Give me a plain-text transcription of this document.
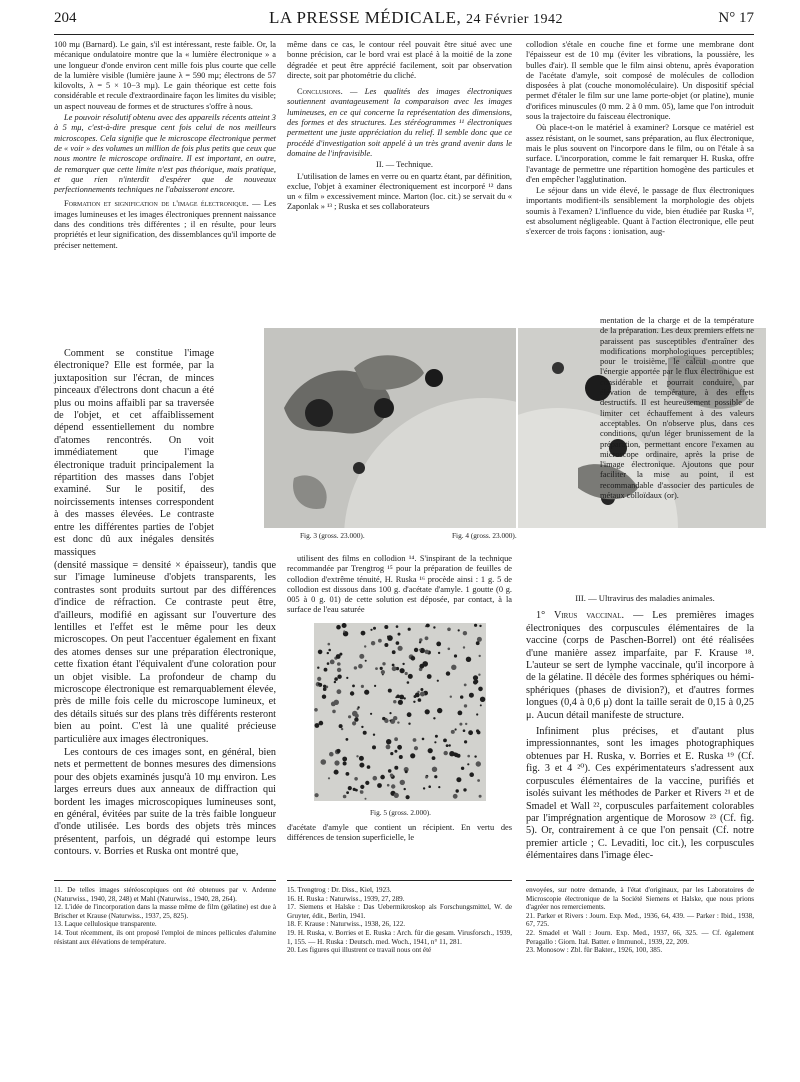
204	LA PRESSE MÉDICALE, 24 Février 1942	N° 17

100 mμ (Barnard). Le gain, s'il est intéressant, reste faible. Or, la mécanique ondulatoire montre que la « lumière électronique » a une longueur d'onde environ cent mille fois plus courte que celle de la lumière visible (lumière jaune λ = 590 mμ; électrons de 57 kilovolts, λ = 5 × 10−3 mμ). Le gain théorique est cette fois considérable et recule d'extraordinaire façon les limites du visible; un aspect nouveau de formes et de structures s'offre à nous.

Le pouvoir résolutif obtenu avec des appareils récents atteint 3 à 5 mμ, c'est-à-dire presque cent fois celui de nos meilleurs microscopes. Cela signifie que le microscope électronique permet de « voir » des volumes un million de fois plus petits que ceux que nous montre le microscope ordinaire. Il est important, en outre, de remarquer que cette limite n'est pas théorique, mais pratique, et que rien n'interdit d'espérer que de nouveaux perfectionnements techniques ne l'abaisseront encore.

Formation et signification de l'image électronique. — Les images lumineuses et les images électroniques prennent naissance dans des conditions très différentes ; il en résulte, pour leurs propriétés et leur signification, des dissemblances qu'il importe de préciser nettement.

Comment se constitue l'image électronique? Elle est formée, par la juxtaposition sur l'écran, de minces pinceaux d'électrons dont chacun a été plus ou moins affaibli par sa traversée de l'objet, et cet affaiblissement dépend essentiellement du nombre d'atomes rencontrés. On voit immédiatement que l'image électronique traduit principalement la répartition des masses dans l'objet examiné. Sur le positif, des noircissements intenses correspondent à des masses élevées. Le contraste entre les différentes parties de l'objet est donc dû aux inégales densités massiques

(densité massique = densité × épaisseur), tandis que sur l'image lumineuse d'objets transparents, les contrastes sont produits surtout par des différences d'indice de réfraction. Ce contraste peut être, d'ailleurs, modifié en agissant sur l'ouverture des lentilles et l'effet est le même pour les deux microscopes. On peut l'accentuer également en fixant des atomes denses sur une préparation électronique, cette fixation étant l'équivalent d'une coloration pour un objet visible. La profondeur de champ du microscope électronique est remarquablement élevée, près de mille fois celle du microscope lumineux, et des détails situés sur des plans très différents resteront bien au point. C'est là une qualité précieuse particulière aux images électroniques.

Les contours de ces images sont, en général, bien nets et permettent de bonnes mesures des dimensions pour des objets examinés jusqu'à 10 mμ environ. Les larges erreurs dues aux anneaux de diffraction qui bordent les images microscopiques lumineuses sont, en général, évitées par suite de la très faible longueur d'onde utilisée. Les bords des objets très minces présentent, parfois, un dégradé qui estompe leurs contours. v. Borries et Ruska ont montré que,

même dans ce cas, le contour réel pouvait être situé avec une bonne précision, car le bord vrai est placé à la moitié de la zone dégradée et peut être apprécié facilement, soit par observation directe, soit par photométrie du cliché.

Conclusions. — Les qualités des images électroniques soutiennent avantageusement la comparaison avec les images lumineuses, en ce qui concerne la représentation des dimensions, des formes et des structures. Les stéréogrammes ¹¹ électroniques permettent une juste appréciation du relief. Il semble donc que ce procédé d'investigation soit appelé à un très grand avenir dans le domaine de l'infravisible.

II. — Technique.

L'utilisation de lames en verre ou en quartz étant, par définition, exclue, l'objet à examiner électroniquement est incorporé ¹² dans un « film » excessivement mince. Marton (loc. cit.) se servait du « Zaponlak » ¹³ ; Ruska et ses collaborateurs

collodion s'étale en couche fine et forme une membrane dont l'épaisseur est de 10 mμ (éviter les vibrations, la poussière, les bulles d'air). Il semble que le film ainsi obtenu, après évaporation de l'acétate d'amyle, soit composé de molécules de collodion disposées à plat (couche monomoléculaire). Un dispositif spécial permet d'étaler le film sur une lame porte-objet (or platine), munie d'orifices minuscules (0 mm. 2 à 0 mm. 05), lame que l'on introduit sous la trajectoire du faisceau électronique.

Où place-t-on le matériel à examiner? Lorsque ce matériel est assez résistant, on le soumet, sans préparation, au flux électronique, mais le plus souvent on l'incorpore dans le film, ou on l'étale à sa surface. L'incorporation, comme le fait remarquer H. Ruska, offre l'avantage de permettre une répartition homogène des particules et d'en empêcher l'agglutination.

Le séjour dans un vide élevé, le passage de flux électroniques importants modifient-ils sensiblement la morphologie des objets soumis à l'examen? L'influence du vide, bien étudiée par Ruska ¹⁷, est absolument négligeable. Quant à l'action électronique, elle peut s'exercer de trois façons : ionisation, aug-

Fig. 3 (gross. 23.000).	Fig. 4 (gross. 23.000).

utilisent des films en collodion ¹⁴. S'inspirant de la technique recommandée par Trengtrog ¹⁵ pour la préparation de feuilles de collodion d'extrême ténuité, H. Ruska ¹⁶ procède ainsi : 1 g. 5 de collodion est dissous dans 100 g. d'acétate d'amyle. 1 goutte (0 g. 005 à 0 g. 01) de cette solution est déposée, par contact, à la surface de l'eau saturée

Fig. 5 (gross. 2.000).

d'acétate d'amyle que contient un récipient. En vertu des différences de tension superficielle, le

mentation de la charge et de la température de la préparation. Les deux premiers effets ne paraissent pas susceptibles d'entraîner des modifications morphologiques perceptibles; pour le troisième, le calcul montre que l'énergie apportée par le flux électronique est considérable et pourrait conduire, par élévation de température, à des effets destructifs. Il est heureusement possible de limiter cet échauffement à des valeurs acceptables. On n'observe plus, dans ces conditions, qu'un léger brunissement de la préparation, permettant encore l'examen au microscope ordinaire, après la prise de l'image électronique. Ajoutons que pour faciliter la mise au point, il est recommandable d'associer des particules de métaux colloïdaux (or).

III. — Ultravirus des maladies animales.

1° Virus vaccinal. — Les premières images électroniques des corpuscules élémentaires de la vaccine (corps de Paschen-Borrel) ont été réalisées d'une manière assez imparfaite, par F. Krause ¹⁸. L'auteur se sert de lymphe vaccinale, qu'il incorpore à de la gélatine. Il décèle des formes sphériques ou hémi-sphériques (phases de division?), et d'autres formes longues (0,4 à 0,6 μ) dont la taille serait de 0,15 à 0,25 μ. Aucun détail manifeste de structure.

Infiniment plus précises, et d'autant plus impressionnantes, sont les images photographiques obtenues par H. Ruska, v. Borries et E. Ruska ¹⁹ (Cf. fig. 3 et 4 ²⁰). Ces expérimentateurs s'adressent aux corpuscules élémentaires de la vaccine, purifiés et isolés suivant les méthodes de Parker et Rivers ²¹ et de Smadel et Wall ²², corpuscules parfaitement colorables par l'imprégnation argentique de Morosow ²³ (Cf. fig. 5). Or, contrairement à ce que l'on pensait (Cf. notre premier article ; C. Levaditi, loc cit.), les corpuscules élémentaires dans l'image élec-

11. De telles images stéréoscopiques ont été obtenues par v. Ardenne (Naturwiss., 1940, 28, 248) et Mahl (Naturwiss., 1940, 28, 264).

12. L'idée de l'incorporation dans la masse même de film (gélatine) est due à Brischer et Krause (Naturwiss., 1937, 25, 825).

13. Laque cellulosique transparente.

14. Tout récemment, ils ont proposé l'emploi de minces pellicules d'alumine résistant aux élévations de température.

15. Trengtrog : Dr. Diss., Kiel, 1923.

16. H. Ruska : Naturwiss., 1939, 27, 289.

17. Siemens et Halske : Das Uebermikroskop als Forschungsmittel, W. de Gruyter, édit., Berlin, 1941.

18. F. Krause : Naturwiss., 1938, 26, 122.

19. H. Ruska, v. Borries et E. Ruska : Arch. für die gesam. Virusforsch., 1939, 1, 155. — H. Ruska : Deutsch. med. Woch., 1941, n° 11, 281.

20. Les figures qui illustrent ce travail nous ont été

envoyées, sur notre demande, à l'état d'originaux, par les Laboratoires de Microscopie électronique de la Société Siemens et Halske, que nous prions d'agréer nos remerciements.

21. Parker et Rivers : Journ. Exp. Med., 1936, 64, 439. — Parker : Ibid., 1938, 67, 725.

22. Smadel et Wall : Journ. Exp. Med., 1937, 66, 325. — Cf. également Peragallo : Giorn. Ital. Batter. e Immunol., 1939, 22, 209.

23. Monosow : Zbl. für Bakter., 1926, 100, 385.
